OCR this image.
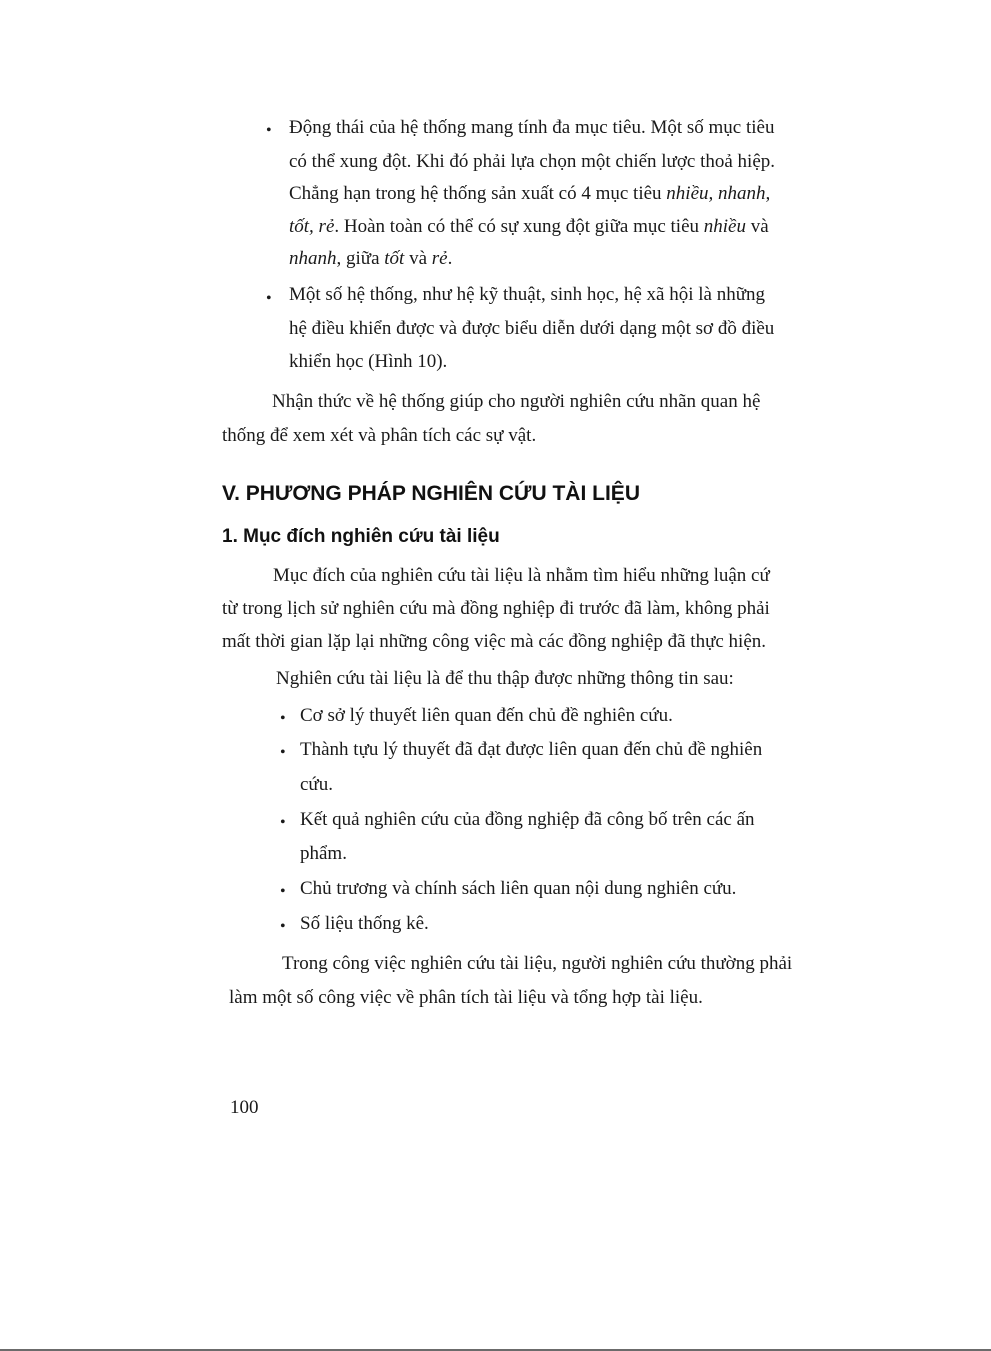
• Động thái của hệ thống mang tính đa mục tiêu. Một số mục tiêu
có thể xung đột. Khi đó phải lựa chọn một chiến lược thoả hiệp.
Chẳng hạn trong hệ thống sản xuất có 4 mục tiêu nhiều, nhanh,
tốt, rẻ. Hoàn toàn có thể có sự xung đột giữa mục tiêu nhiều và
nhanh, giữa tốt và rẻ.
• Một số hệ thống, như hệ kỹ thuật, sinh học, hệ xã hội là những
hệ điều khiển được và được biểu diễn dưới dạng một sơ đồ điều
khiển học (Hình 10).
Nhận thức về hệ thống giúp cho người nghiên cứu nhãn quan hệ
thống để xem xét và phân tích các sự vật.
V. PHƯƠNG PHÁP NGHIÊN CỨU TÀI LIỆU
1. Mục đích nghiên cứu tài liệu
Mục đích của nghiên cứu tài liệu là nhằm tìm hiểu những luận cứ
từ trong lịch sử nghiên cứu mà đồng nghiệp đi trước đã làm, không phải
mất thời gian lặp lại những công việc mà các đồng nghiệp đã thực hiện.
Nghiên cứu tài liệu là để thu thập được những thông tin sau:
• Cơ sở lý thuyết liên quan đến chủ đề nghiên cứu.
• Thành tựu lý thuyết đã đạt được liên quan đến chủ đề nghiên
cứu.
• Kết quả nghiên cứu của đồng nghiệp đã công bố trên các ấn
phẩm.
• Chủ trương và chính sách liên quan nội dung nghiên cứu.
• Số liệu thống kê.
Trong công việc nghiên cứu tài liệu, người nghiên cứu thường phải
làm một số công việc về phân tích tài liệu và tổng hợp tài liệu.
100
